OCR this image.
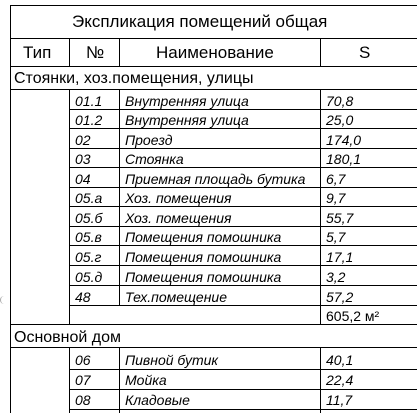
Экспликация помещений общая
Тип №	Наименование	S
Стоянки, хоз.помещения, улицы
01.1 Внутренняя улица	70,8
01.2 Внутренняя улица	25,0
02 Проезд	174,0
03 Стоянка	180,1
04 Приемная площадь бутика 6,7
05.а Хоз. помещения	9,7
05.б Хоз. помещения	55,7
05.в Помещения помошника	5,7
05.г Помещения помошника	17,1
05.д Помещения помошника	3,2
48 Тех.помещение	57,2
605,2 м²
Основной дом
06 Пивной бутик	40,1
07 Мойка	22,4
08 Кладовые	11,7
